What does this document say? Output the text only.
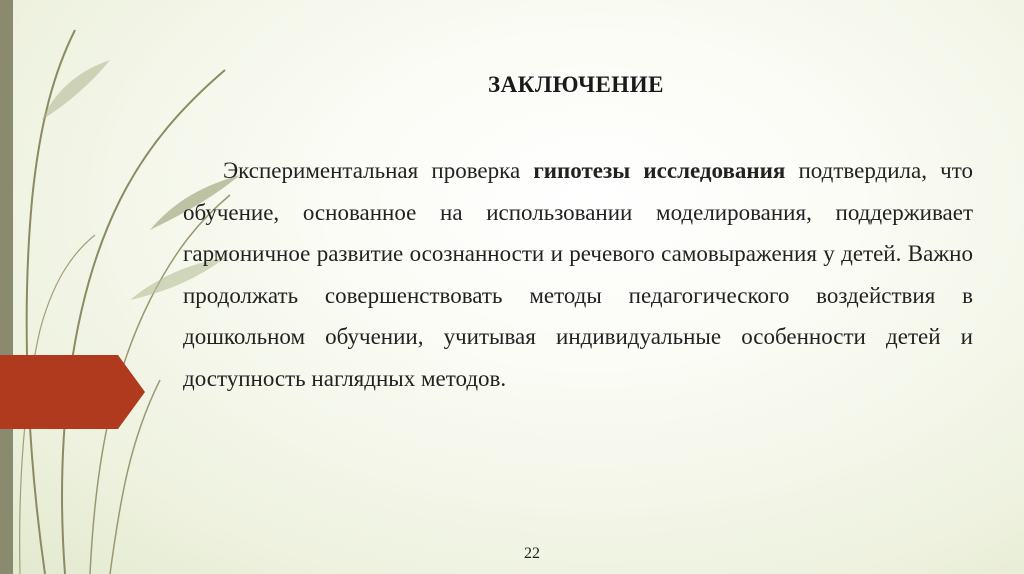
ЗАКЛЮЧЕНИЕ

Экспериментальная проверка гипотезы исследования подтвердила, что обучение, основанное на использовании моделирования, поддерживает гармоничное развитие осознанности и речевого самовыражения у детей. Важно продолжать совершенствовать методы педагогического воздействия в дошкольном обучении, учитывая индивидуальные особенности детей и доступность наглядных методов.

22
